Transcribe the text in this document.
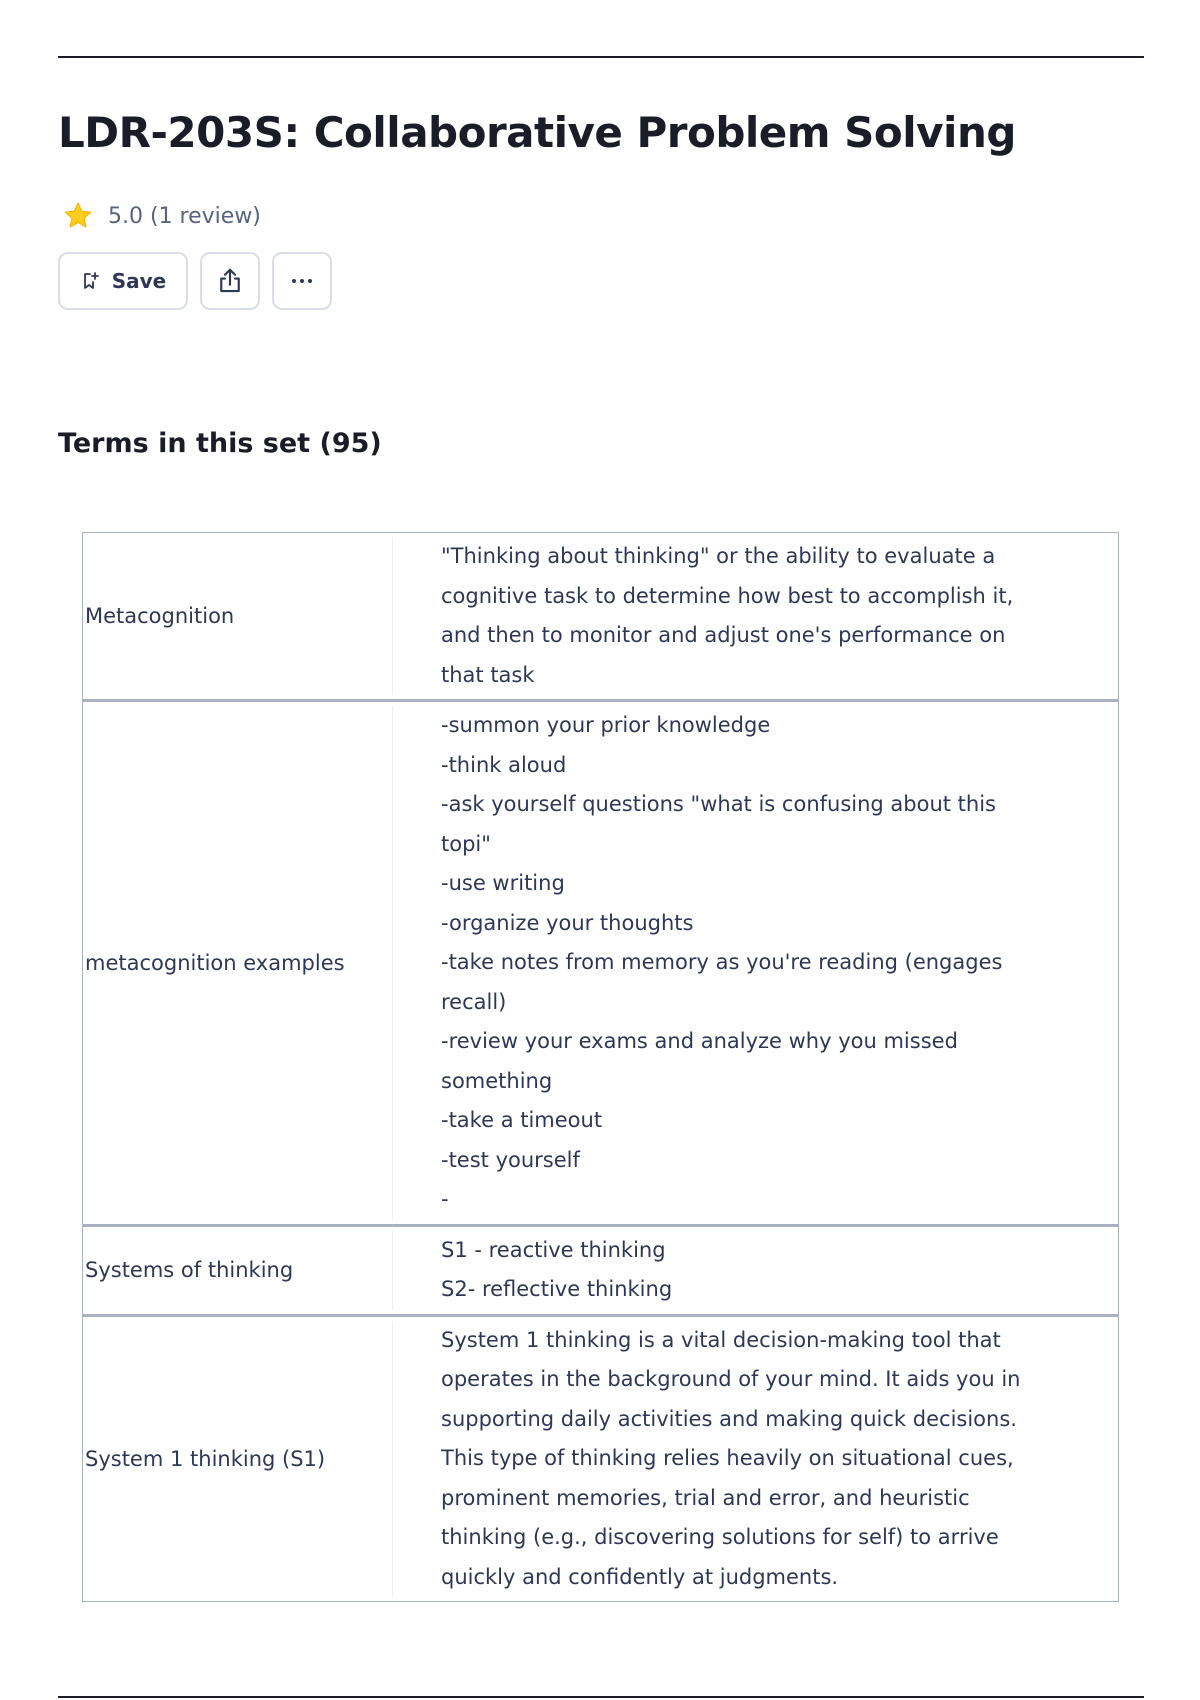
LDR-203S: Collaborative Problem Solving
5.0 (1 review)
Save
Terms in this set (95)
Metacognition
"Thinking about thinking" or the ability to evaluate a cognitive task to determine how best to accomplish it, and then to monitor and adjust one's performance on that task
metacognition examples
-summon your prior knowledge
-think aloud
-ask yourself questions "what is confusing about this topi"
-use writing
-organize your thoughts
-take notes from memory as you're reading (engages recall)
-review your exams and analyze why you missed something
-take a timeout
-test yourself
-
Systems of thinking
S1 - reactive thinking
S2- reflective thinking
System 1 thinking (S1)
System 1 thinking is a vital decision-making tool that operates in the background of your mind. It aids you in supporting daily activities and making quick decisions. This type of thinking relies heavily on situational cues, prominent memories, trial and error, and heuristic thinking (e.g., discovering solutions for self) to arrive quickly and confidently at judgments.
